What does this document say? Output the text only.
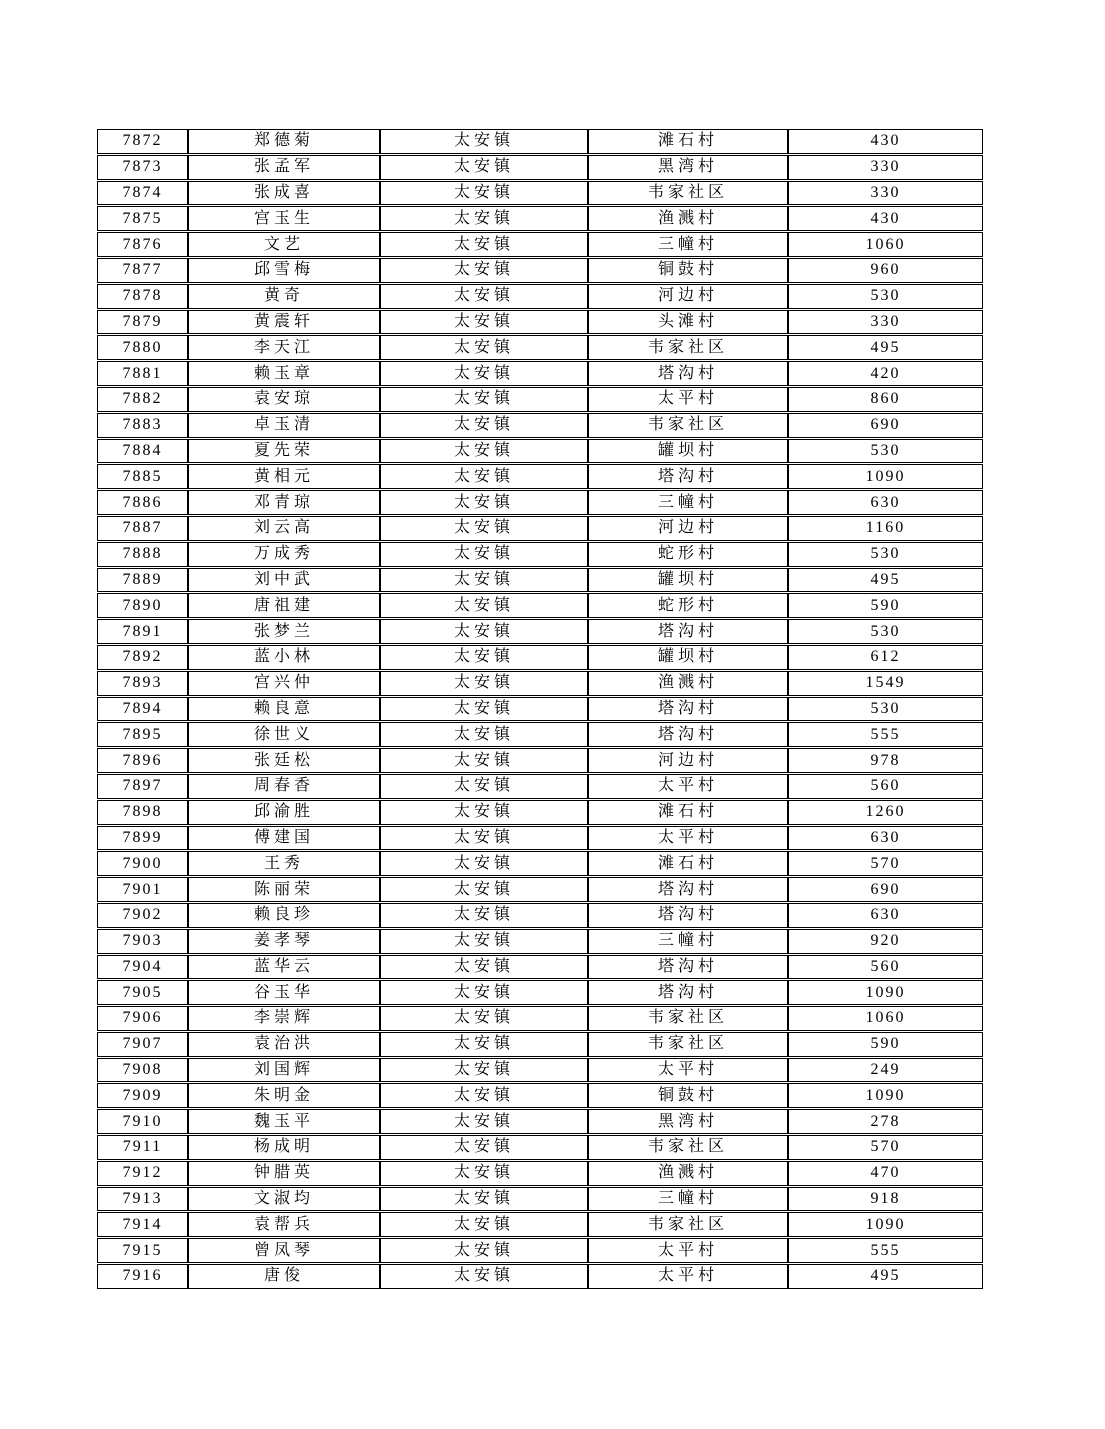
7872	郑德菊	太安镇	滩石村	430
7873	张孟军	太安镇	黑湾村	330
7874	张成喜	太安镇	韦家社区	330
7875	宫玉生	太安镇	渔溅村	430
7876	文艺	太安镇	三幢村	1060
7877	邱雪梅	太安镇	铜鼓村	960
7878	黄奇	太安镇	河边村	530
7879	黄震轩	太安镇	头滩村	330
7880	李天江	太安镇	韦家社区	495
7881	赖玉章	太安镇	塔沟村	420
7882	袁安琼	太安镇	太平村	860
7883	卓玉清	太安镇	韦家社区	690
7884	夏先荣	太安镇	罐坝村	530
7885	黄相元	太安镇	塔沟村	1090
7886	邓青琼	太安镇	三幢村	630
7887	刘云高	太安镇	河边村	1160
7888	万成秀	太安镇	蛇形村	530
7889	刘中武	太安镇	罐坝村	495
7890	唐祖建	太安镇	蛇形村	590
7891	张梦兰	太安镇	塔沟村	530
7892	蓝小林	太安镇	罐坝村	612
7893	宫兴仲	太安镇	渔溅村	1549
7894	赖良意	太安镇	塔沟村	530
7895	徐世义	太安镇	塔沟村	555
7896	张廷松	太安镇	河边村	978
7897	周春香	太安镇	太平村	560
7898	邱渝胜	太安镇	滩石村	1260
7899	傅建国	太安镇	太平村	630
7900	王秀	太安镇	滩石村	570
7901	陈丽荣	太安镇	塔沟村	690
7902	赖良珍	太安镇	塔沟村	630
7903	姜孝琴	太安镇	三幢村	920
7904	蓝华云	太安镇	塔沟村	560
7905	谷玉华	太安镇	塔沟村	1090
7906	李崇辉	太安镇	韦家社区	1060
7907	袁治洪	太安镇	韦家社区	590
7908	刘国辉	太安镇	太平村	249
7909	朱明金	太安镇	铜鼓村	1090
7910	魏玉平	太安镇	黑湾村	278
7911	杨成明	太安镇	韦家社区	570
7912	钟腊英	太安镇	渔溅村	470
7913	文淑均	太安镇	三幢村	918
7914	袁帮兵	太安镇	韦家社区	1090
7915	曾凤琴	太安镇	太平村	555
7916	唐俊	太安镇	太平村	495
